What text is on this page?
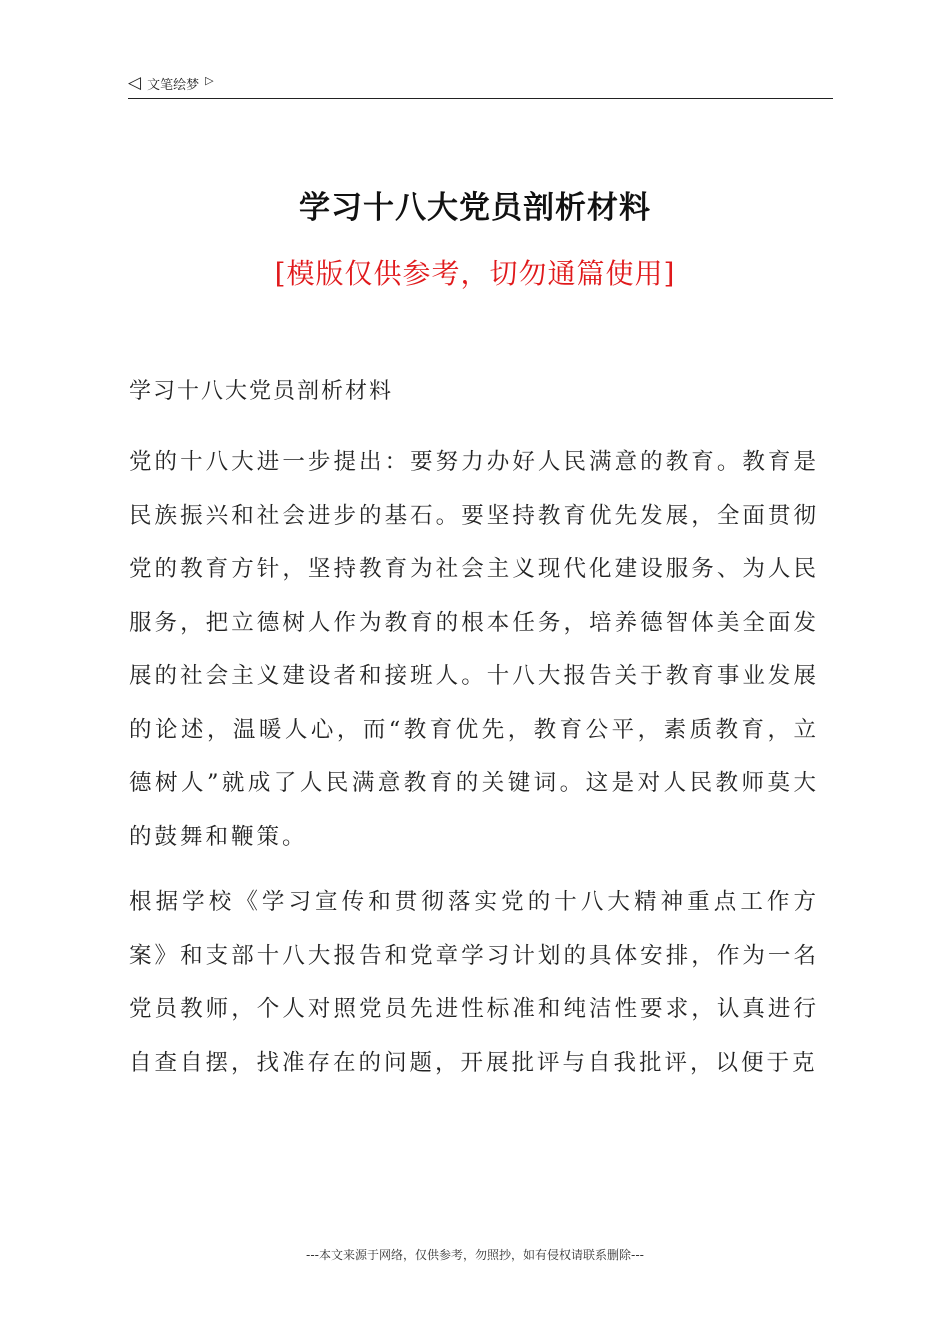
◁ 文笔绘梦 ▷
学习十八大党员剖析材料
[模版仅供参考，切勿通篇使用]

学习十八大党员剖析材料

党的十八大进一步提出：要努力办好人民满意的教育。教育是民族振兴和社会进步的基石。要坚持教育优先发展，全面贯彻党的教育方针，坚持教育为社会主义现代化建设服务、为人民服务，把立德树人作为教育的根本任务，培养德智体美全面发展的社会主义建设者和接班人。十八大报告关于教育事业发展的论述，温暖人心，而“教育优先，教育公平，素质教育，立德树人”就成了人民满意教育的关键词。这是对人民教师莫大的鼓舞和鞭策。

根据学校《学习宣传和贯彻落实党的十八大精神重点工作方案》和支部十八大报告和党章学习计划的具体安排，作为一名党员教师，个人对照党员先进性标准和纯洁性要求，认真进行自查自摆，找准存在的问题，开展批评与自我批评，以便于克

---本文来源于网络，仅供参考，勿照抄，如有侵权请联系删除---
